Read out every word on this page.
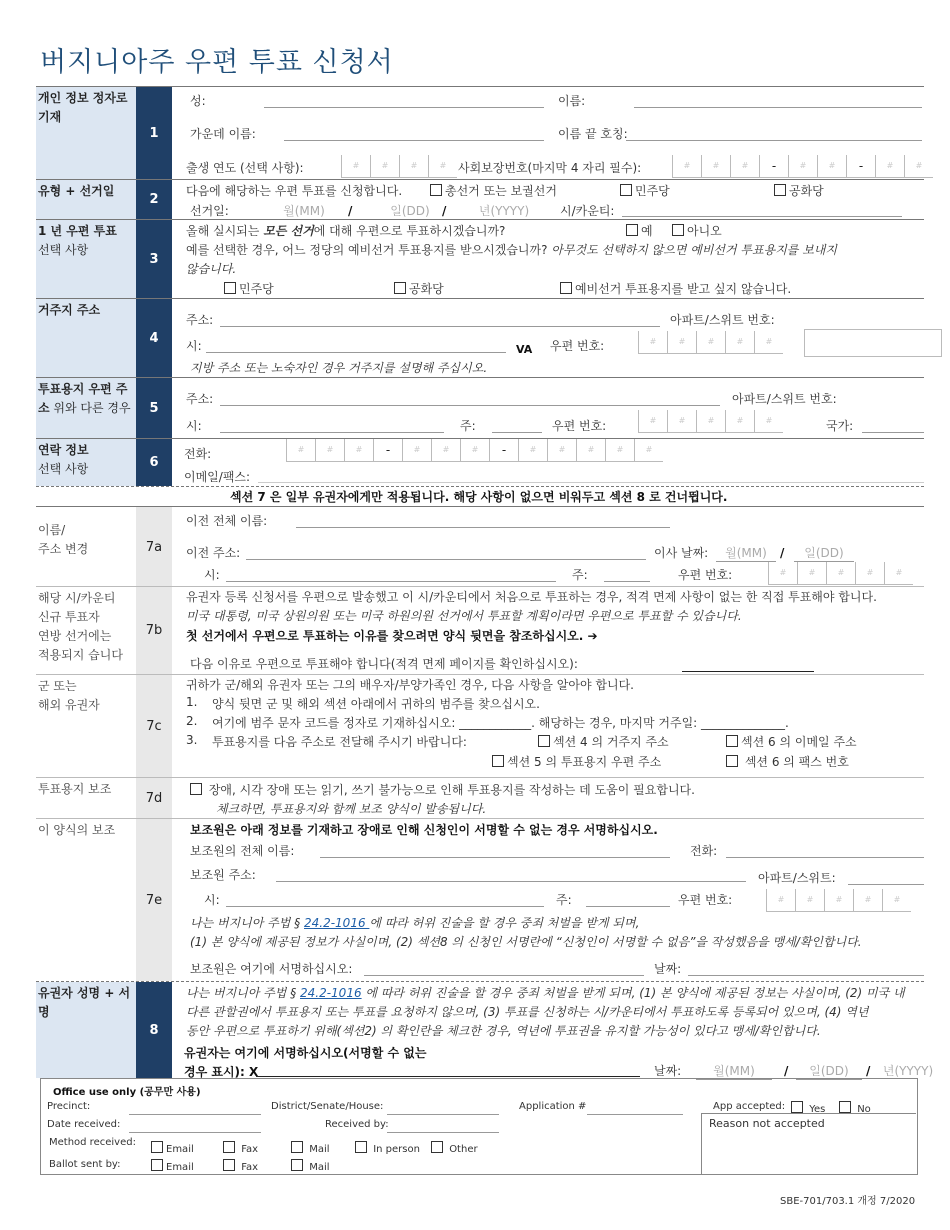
버지니아주 우편 투표 신청서
개인 정보 정자로 기재
1
성:	이름:
가운데 이름:	이름 끝 호칭:
출생 연도 (선택 사항):	#	#	#	# 사회보장번호(마지막 4 자리 필수):	#	#	#	-	#	#	-	#	#
유형 + 선거일
2
다음에 해당하는 우편 투표를 신청합니다.	총선거 또는 보궐선거	민주당	공화당
선거일:	월(MM)	/	일(DD)	/	년(YYYY)	시/카운티:
1 년 우편 투표
선택 사항
3
올해 실시되는 모든 선거에 대해 우편으로 투표하시겠습니까?	예	아니오
예를 선택한 경우, 어느 정당의 예비선거 투표용지를 받으시겠습니까? 아무것도 선택하지 않으면 예비선거 투표용지를 보내지
않습니다.
민주당	공화당	예비선거 투표용지를 받고 싶지 않습니다.
거주지 주소
4
주소:	아파트/스위트 번호:
시:	VA 우편 번호:	#	#	#	#	#
지방 주소 또는 노숙자인 경우 거주지를 설명해 주십시오.
투표용지 우편 주소 위와 다른 경우	5
주소:	아파트/스위트 번호:
시:	주:	우편 번호:	#	#	#	#	#	국가:
연락 정보
선택 사항	6
전화:	#	#	#	-	#	#	#	-	#	#	#	#	#
이메일/팩스:
섹션 7 은 일부 유권자에게만 적용됩니다. 해당 사항이 없으면 비워두고 섹션 8 로 건너뜁니다.
이름/
주소 변경	7a
이전 전체 이름:
이전 주소:	이사 날짜:	월(MM)	/	일(DD)
시:	주:	우편 번호:	#	#	#	#	#
해당 시/카운티
신규 투표자
연방 선거에는
적용되지 습니다
7b
유권자 등록 신청서를 우편으로 발송했고 이 시/카운티에서 처음으로 투표하는 경우, 적격 면제 사항이 없는 한 직접 투표해야 합니다.
미국 대통령, 미국 상원의원 또는 미국 하원의원 선거에서 투표할 계획이라면 우편으로 투표할 수 있습니다.
첫 선거에서 우편으로 투표하는 이유를 찾으려면 양식 뒷면을 참조하십시오. ➔
다음 이유로 우편으로 투표해야 합니다(적격 면제 페이지를 확인하십시오):
군 또는
해외 유권자
7c
귀하가 군/해외 유권자 또는 그의 배우자/부양가족인 경우, 다음 사항을 알아야 합니다.
1. 양식 뒷면 군 및 해외 섹션 아래에서 귀하의 범주를 찾으십시오.
2. 여기에 범주 문자 코드를 정자로 기재하십시오: ____________. 해당하는 경우, 마지막 거주일: ______________.
3. 투표용지를 다음 주소로 전달해 주시기 바랍니다:	섹션 4 의 거주지 주소	섹션 6 의 이메일 주소
섹션 5 의 투표용지 우편 주소	섹션 6 의 팩스 번호
투표용지 보조
7d
장애, 시각 장애 또는 읽기, 쓰기 불가능으로 인해 투표용지를 작성하는 데 도움이 필요합니다.
체크하면, 투표용지와 함께 보조 양식이 발송됩니다.
이 양식의 보조
7e
보조원은 아래 정보를 기재하고 장애로 인해 신청인이 서명할 수 없는 경우 서명하십시오.
보조원의 전체 이름:	전화:
보조원 주소:	아파트/스위트:
시:	주:	우편 번호:	#	#	#	#	#
나는 버지니아 주법 § 24.2-1016 에 따라 허위 진술을 할 경우 중죄 처벌을 받게 되며,
(1) 본 양식에 제공된 정보가 사실이며, (2) 섹션8 의 신청인 서명란에 “신청인이 서명할 수 없음”을 작성했음을 맹세/확인합니다.
보조원은 여기에 서명하십시오:	날짜:
유권자 성명 + 서명
8
나는 버지니아 주법 § 24.2-1016 에 따라 허위 진술을 할 경우 중죄 처벌을 받게 되며, (1) 본 양식에 제공된 정보는 사실이며, (2) 미국 내
다른 관할권에서 투표용지 또는 투표를 요청하지 않으며, (3) 투표를 신청하는 시/카운티에서 투표하도록 등록되어 있으며, (4) 역년
동안 우편으로 투표하기 위해(섹션2) 의 확인란을 체크한 경우, 역년에 투표권을 유지할 가능성이 있다고 맹세/확인합니다.
유권자는 여기에 서명하십시오(서명할 수 없는
경우 표시): X	날짜:	월(MM)	/	일(DD)	/ 년(YYYY)
Office use only (공무만 사용)
Precinct:	District/Senate/House:	Application #	App accepted:	Yes	No
Date received:	Received by:	Reason not accepted
Method received:
Email	Fax	Mail	In person	Other
Ballot sent by:	Email	Fax	Mail
SBE-701/703.1 개정 7/2020
